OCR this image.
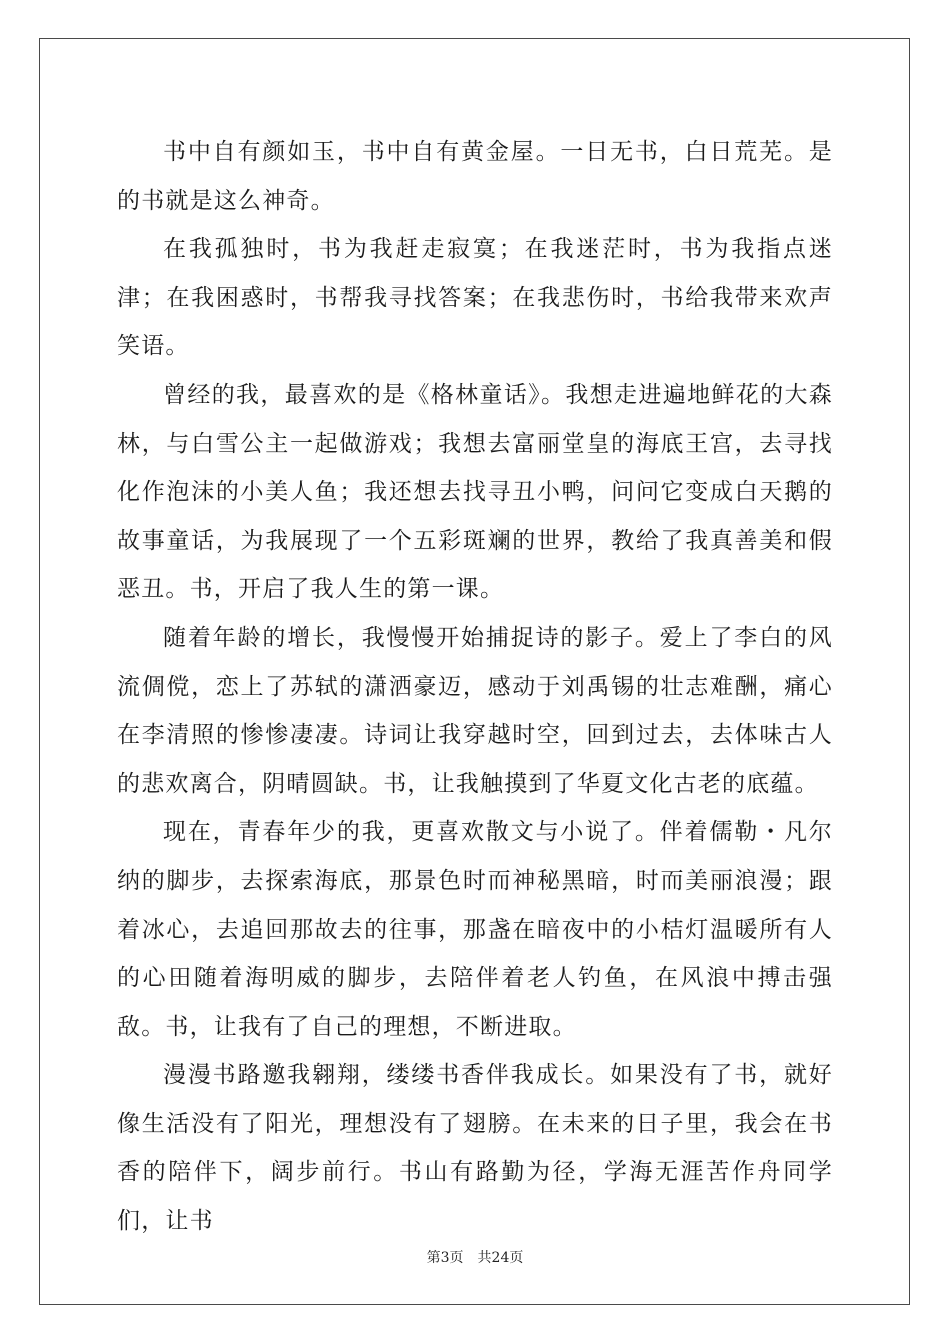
书中自有颜如玉，书中自有黄金屋。一日无书，白日荒芜。是的书就是这么神奇。

在我孤独时，书为我赶走寂寞；在我迷茫时，书为我指点迷津；在我困惑时，书帮我寻找答案；在我悲伤时，书给我带来欢声笑语。

曾经的我，最喜欢的是《格林童话》。我想走进遍地鲜花的大森林，与白雪公主一起做游戏；我想去富丽堂皇的海底王宫，去寻找化作泡沫的小美人鱼；我还想去找寻丑小鸭，问问它变成白天鹅的故事童话，为我展现了一个五彩斑斓的世界，教给了我真善美和假恶丑。书，开启了我人生的第一课。

随着年龄的增长，我慢慢开始捕捉诗的影子。爱上了李白的风流倜傥，恋上了苏轼的潇洒豪迈，感动于刘禹锡的壮志难酬，痛心在李清照的惨惨凄凄。诗词让我穿越时空，回到过去，去体味古人的悲欢离合，阴晴圆缺。书，让我触摸到了华夏文化古老的底蕴。

现在，青春年少的我，更喜欢散文与小说了。伴着儒勒・凡尔纳的脚步，去探索海底，那景色时而神秘黑暗，时而美丽浪漫；跟着冰心，去追回那故去的往事，那盏在暗夜中的小桔灯温暖所有人的心田随着海明威的脚步，去陪伴着老人钓鱼，在风浪中搏击强敌。书，让我有了自己的理想，不断进取。

漫漫书路邀我翱翔，缕缕书香伴我成长。如果没有了书，就好像生活没有了阳光，理想没有了翅膀。在未来的日子里，我会在书香的陪伴下，阔步前行。书山有路勤为径，学海无涯苦作舟同学们，让书

第3页 共24页
